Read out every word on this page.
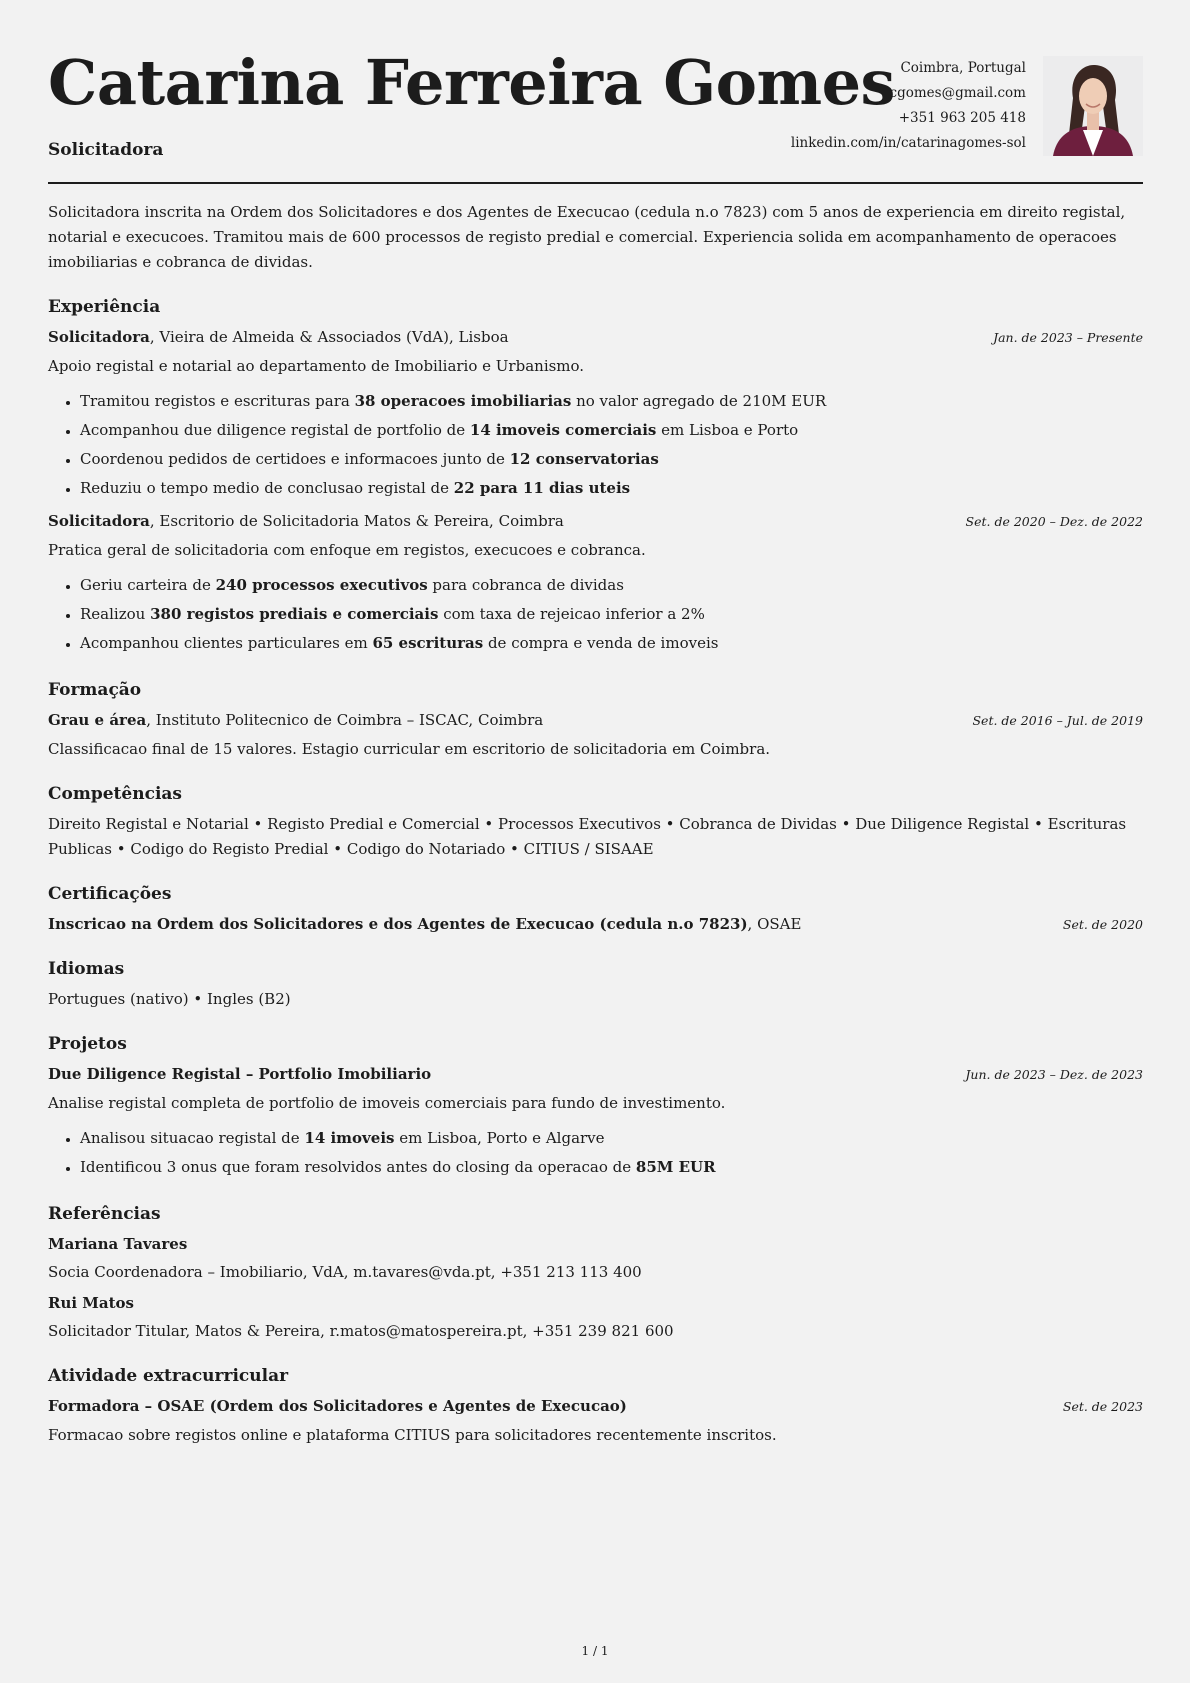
Catarina Ferreira Gomes
Solicitadora
Coimbra, Portugal
cgomes@gmail.com
+351 963 205 418
linkedin.com/in/catarinagomes-sol
Solicitadora inscrita na Ordem dos Solicitadores e dos Agentes de Execucao (cedula n.o 7823) com 5 anos de experiencia em direito registal, notarial e execucoes. Tramitou mais de 600 processos de registo predial e comercial. Experiencia solida em acompanhamento de operacoes imobiliarias e cobranca de dividas.
Experiência
Solicitadora, Vieira de Almeida & Associados (VdA), Lisboa	Jan. de 2023 – Presente
Apoio registal e notarial ao departamento de Imobiliario e Urbanismo.
• Tramitou registos e escrituras para 38 operacoes imobiliarias no valor agregado de 210M EUR
• Acompanhou due diligence registal de portfolio de 14 imoveis comerciais em Lisboa e Porto
• Coordenou pedidos de certidoes e informacoes junto de 12 conservatorias
• Reduziu o tempo medio de conclusao registal de 22 para 11 dias uteis
Solicitadora, Escritorio de Solicitadoria Matos & Pereira, Coimbra	Set. de 2020 – Dez. de 2022
Pratica geral de solicitadoria com enfoque em registos, execucoes e cobranca.
• Geriu carteira de 240 processos executivos para cobranca de dividas
• Realizou 380 registos prediais e comerciais com taxa de rejeicao inferior a 2%
• Acompanhou clientes particulares em 65 escrituras de compra e venda de imoveis
Formação
Grau e área, Instituto Politecnico de Coimbra – ISCAC, Coimbra	Set. de 2016 – Jul. de 2019
Classificacao final de 15 valores. Estagio curricular em escritorio de solicitadoria em Coimbra.
Competências
Direito Registal e Notarial • Registo Predial e Comercial • Processos Executivos • Cobranca de Dividas • Due Diligence Registal • Escrituras Publicas • Codigo do Registo Predial • Codigo do Notariado • CITIUS / SISAAE
Certificações
Inscricao na Ordem dos Solicitadores e dos Agentes de Execucao (cedula n.o 7823), OSAE	Set. de 2020
Idiomas
Portugues (nativo) • Ingles (B2)
Projetos
Due Diligence Registal – Portfolio Imobiliario	Jun. de 2023 – Dez. de 2023
Analise registal completa de portfolio de imoveis comerciais para fundo de investimento.
• Analisou situacao registal de 14 imoveis em Lisboa, Porto e Algarve
• Identificou 3 onus que foram resolvidos antes do closing da operacao de 85M EUR
Referências
Mariana Tavares
Socia Coordenadora – Imobiliario, VdA, m.tavares@vda.pt, +351 213 113 400
Rui Matos
Solicitador Titular, Matos & Pereira, r.matos@matospereira.pt, +351 239 821 600
Atividade extracurricular
Formadora – OSAE (Ordem dos Solicitadores e Agentes de Execucao)	Set. de 2023
Formacao sobre registos online e plataforma CITIUS para solicitadores recentemente inscritos.
1 / 1
